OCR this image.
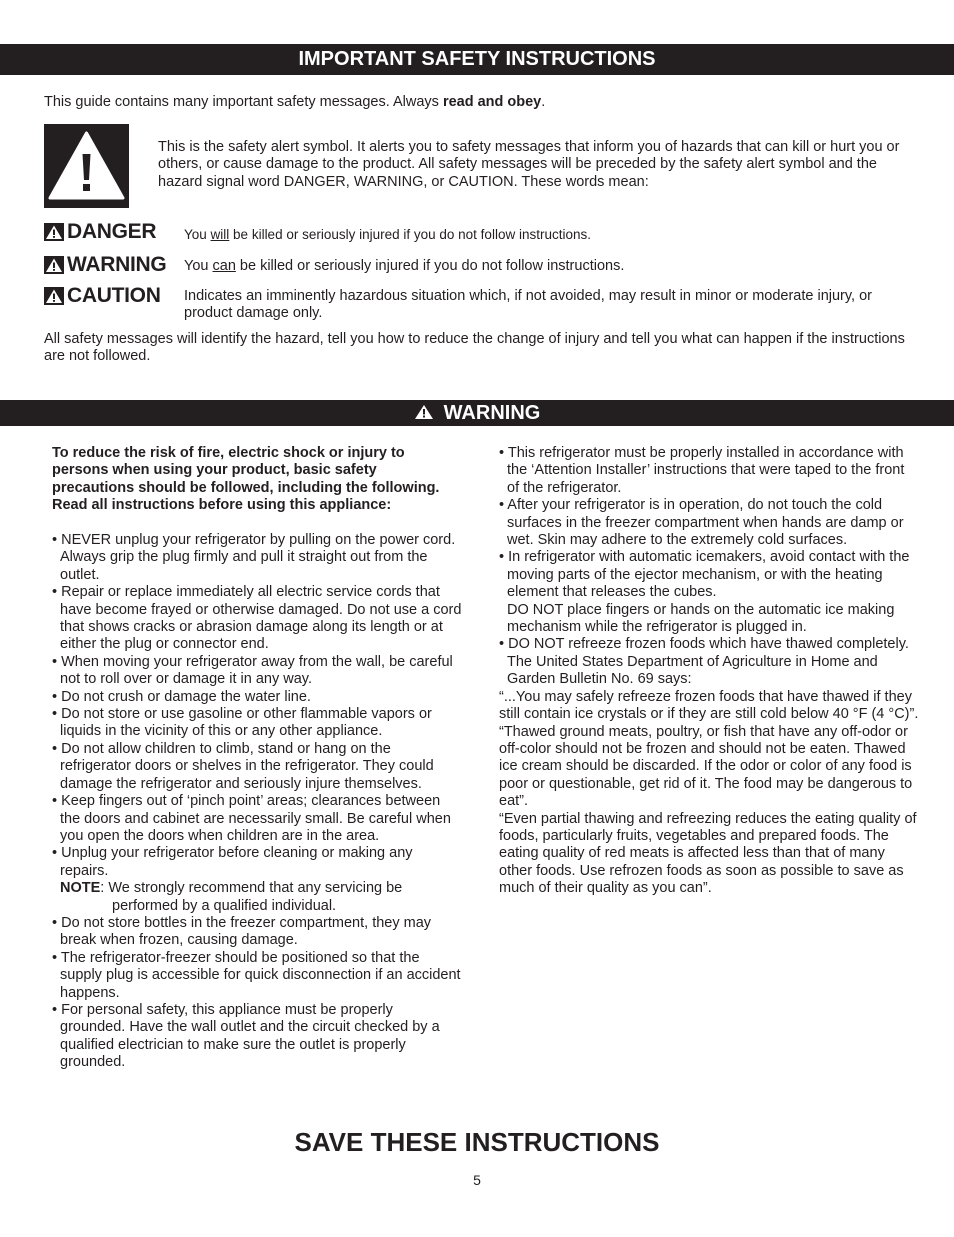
IMPORTANT SAFETY INSTRUCTIONS
This guide contains many important safety messages. Always read and obey.
This is the safety alert symbol. It alerts you to safety messages that inform you of hazards that can kill or hurt you or others, or cause damage to the product. All safety messages will be preceded by the safety alert symbol and the hazard signal word DANGER, WARNING, or CAUTION. These words mean:
DANGER You will be killed or seriously injured if you do not follow instructions.
WARNING You can be killed or seriously injured if you do not follow instructions.
CAUTION Indicates an imminently hazardous situation which, if not avoided, may result in minor or moderate injury, or product damage only.
All safety messages will identify the hazard, tell you how to reduce the change of injury and tell you what can happen if the instructions are not followed.
WARNING
To reduce the risk of fire, electric shock or injury to persons when using your product, basic safety precautions should be followed, including the following. Read all instructions before using this appliance:
• NEVER unplug your refrigerator by pulling on the power cord. Always grip the plug firmly and pull it straight out from the outlet.
• Repair or replace immediately all electric service cords that have become frayed or otherwise damaged. Do not use a cord that shows cracks or abrasion damage along its length or at either the plug or connector end.
• When moving your refrigerator away from the wall, be careful not to roll over or damage it in any way.
• Do not crush or damage the water line.
• Do not store or use gasoline or other flammable vapors or liquids in the vicinity of this or any other appliance.
• Do not allow children to climb, stand or hang on the refrigerator doors or shelves in the refrigerator. They could damage the refrigerator and seriously injure themselves.
• Keep fingers out of ‘pinch point’ areas; clearances between the doors and cabinet are necessarily small. Be careful when you open the doors when children are in the area.
• Unplug your refrigerator before cleaning or making any repairs.
NOTE: We strongly recommend that any servicing be performed by a qualified individual.
• Do not store bottles in the freezer compartment, they may break when frozen, causing damage.
• The refrigerator-freezer should be positioned so that the supply plug is accessible for quick disconnection if an accident happens.
• For personal safety, this appliance must be properly grounded. Have the wall outlet and the circuit checked by a qualified electrician to make sure the outlet is properly grounded.
• This refrigerator must be properly installed in accordance with the ‘Attention Installer’ instructions that were taped to the front of the refrigerator.
• After your refrigerator is in operation, do not touch the cold surfaces in the freezer compartment when hands are damp or wet. Skin may adhere to the extremely cold surfaces.
• In refrigerator with automatic icemakers, avoid contact with the moving parts of the ejector mechanism, or with the heating element that releases the cubes.
DO NOT place fingers or hands on the automatic ice making mechanism while the refrigerator is plugged in.
• DO NOT refreeze frozen foods which have thawed completely. The United States Department of Agriculture in Home and Garden Bulletin No. 69 says:
“...You may safely refreeze frozen foods that have thawed if they still contain ice crystals or if they are still cold below 40 °F (4 °C)”.
“Thawed ground meats, poultry, or fish that have any off-odor or off-color should not be frozen and should not be eaten. Thawed ice cream should be discarded. If the odor or color of any food is poor or questionable, get rid of it. The food may be dangerous to eat”.
“Even partial thawing and refreezing reduces the eating quality of foods, particularly fruits, vegetables and prepared foods. The eating quality of red meats is affected less than that of many other foods. Use refrozen foods as soon as possible to save as much of their quality as you can”.
SAVE THESE INSTRUCTIONS
5
